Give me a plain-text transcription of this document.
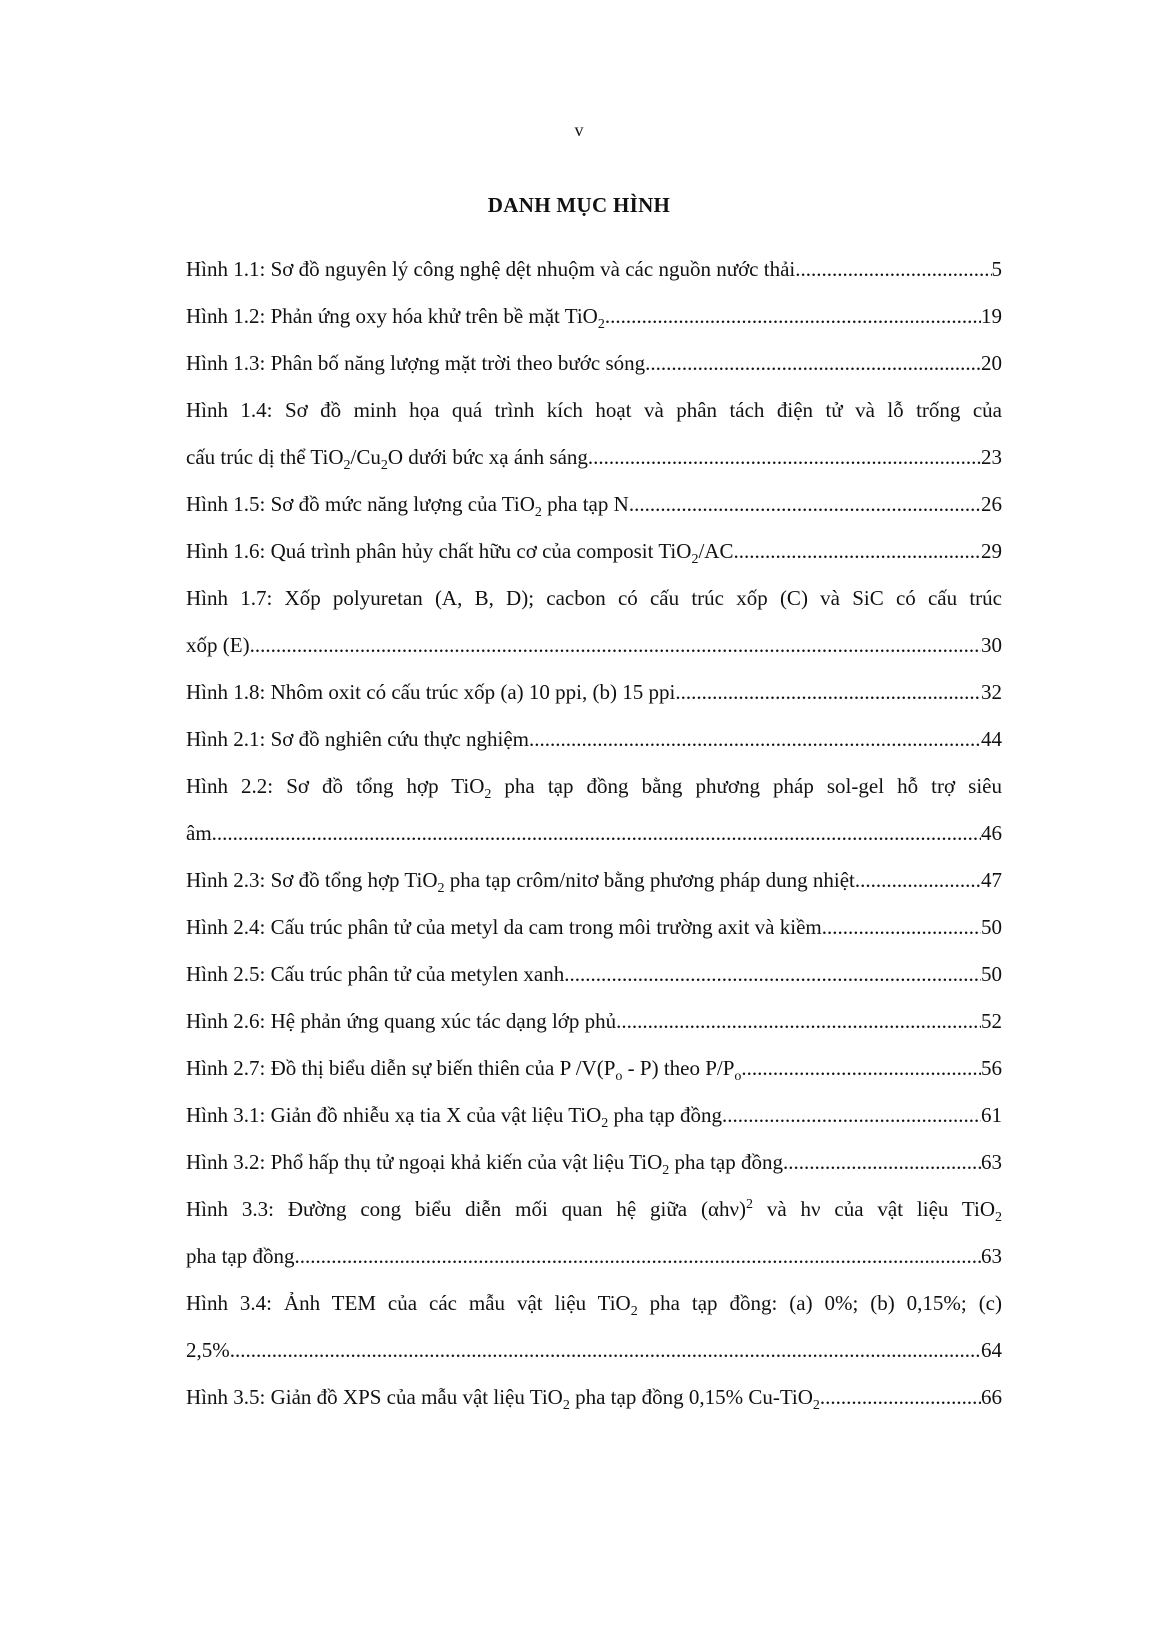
v
DANH MỤC HÌNH
Hình 1.1: Sơ đồ nguyên lý công nghệ dệt nhuộm và các nguồn nước thải .....	5
Hình 1.2: Phản ứng oxy hóa khử trên bề mặt TiO$_2$ .....	19
Hình 1.3: Phân bố năng lượng mặt trời theo bước sóng .....	20
Hình 1.4: Sơ đồ minh họa quá trình kích hoạt và phân tách điện tử và lỗ trống của
cấu trúc dị thể $TiO_2/Cu_2O$ dưới bức xạ ánh sáng .....	23
Hình 1.5: Sơ đồ mức năng lượng của TiO$_2$ pha tạp N .....	26
Hình 1.6: Quá trình phân hủy chất hữu cơ của composit TiO$_2$/AC .....	29
Hình 1.7: Xốp polyuretan (A, B, D); cacbon có cấu trúc xốp (C) và SiC có cấu trúc
xốp (E) .....	30
Hình 1.8: Nhôm oxit có cấu trúc xốp (a) 10 ppi, (b) 15 ppi .....	32
Hình 2.1: Sơ đồ nghiên cứu thực nghiệm .....	44
Hình 2.2: Sơ đồ tổng hợp TiO$_2$ pha tạp đồng bằng phương pháp sol-gel hỗ trợ siêu
âm .....	46
Hình 2.3: Sơ đồ tổng hợp TiO$_2$ pha tạp crôm/nitơ bằng phương pháp dung nhiệt .....	47
Hình 2.4: Cấu trúc phân tử của metyl da cam trong môi trường axit và kiềm .....	50
Hình 2.5: Cấu trúc phân tử của metylen xanh .....	50
Hình 2.6: Hệ phản ứng quang xúc tác dạng lớp phủ .....	52
Hình 2.7: Đồ thị biểu diễn sự biến thiên của P $/V(P_o - P)$ theo $P/P_o$ .....	56
Hình 3.1: Giản đồ nhiễu xạ tia X của vật liệu TiO$_2$ pha tạp đồng .....	61
Hình 3.2: Phổ hấp thụ tử ngoại khả kiến của vật liệu TiO$_2$ pha tạp đồng .....	63
Hình 3.3: Đường cong biểu diễn mối quan hệ giữa $(\alpha h\nu)^2$ và hν của vật liệu TiO$_2$
pha tạp đồng .....	63
Hình 3.4: Ảnh TEM của các mẫu vật liệu TiO$_2$ pha tạp đồng: (a) 0%; (b) 0,15%; (c)
2,5% .....	64
Hình 3.5: Giản đồ XPS của mẫu vật liệu TiO$_2$ pha tạp đồng 0,15% Cu-TiO$_2$ .....	66
